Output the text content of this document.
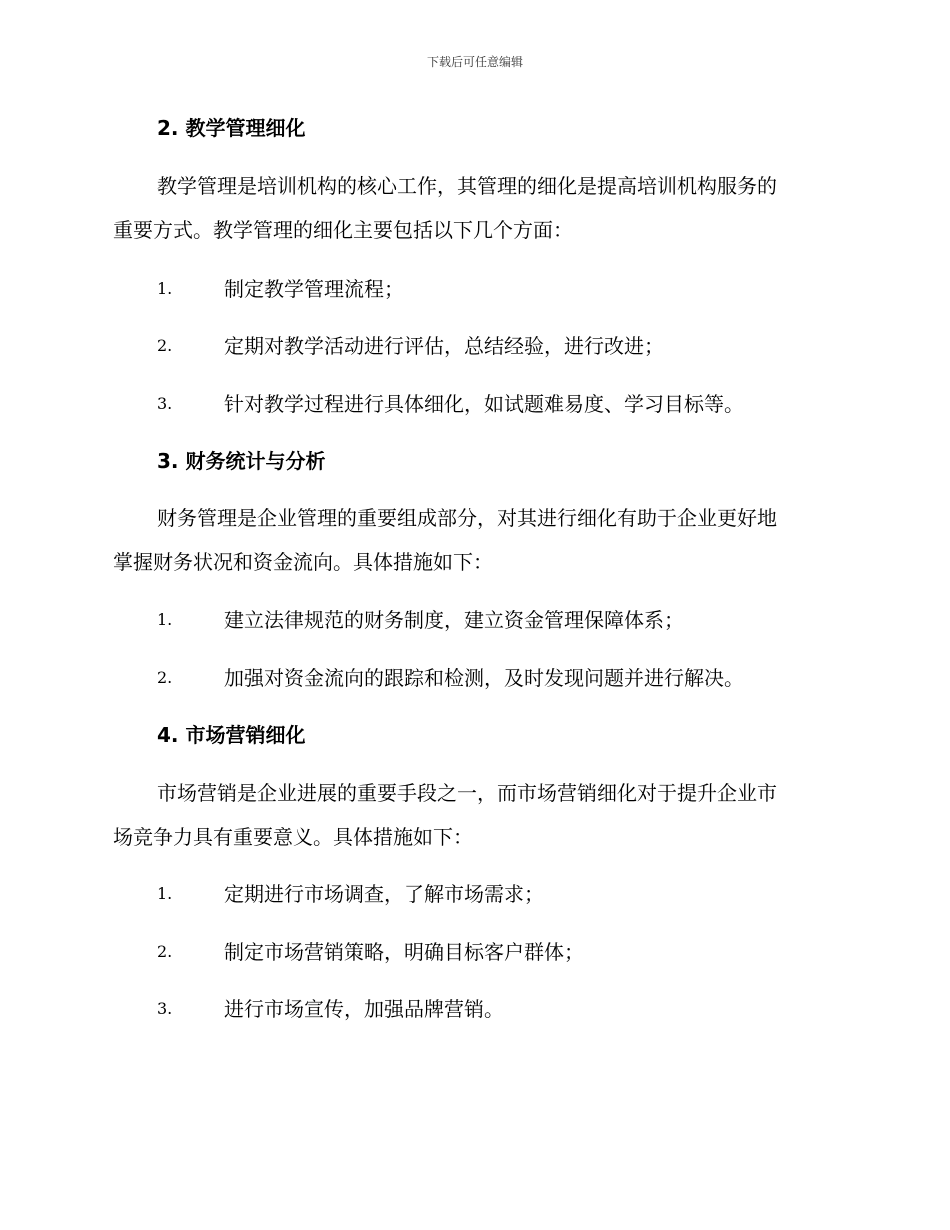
下载后可任意编辑
2. 教学管理细化
教学管理是培训机构的核心工作，其管理的细化是提高培训机构服务的
重要方式。教学管理的细化主要包括以下几个方面：
1.	制定教学管理流程；
2.	定期对教学活动进行评估，总结经验，进行改进；
3.	针对教学过程进行具体细化，如试题难易度、学习目标等。
3. 财务统计与分析
财务管理是企业管理的重要组成部分，对其进行细化有助于企业更好地
掌握财务状况和资金流向。具体措施如下：
1.	建立法律规范的财务制度，建立资金管理保障体系；
2.	加强对资金流向的跟踪和检测，及时发现问题并进行解决。
4. 市场营销细化
市场营销是企业进展的重要手段之一，而市场营销细化对于提升企业市
场竞争力具有重要意义。具体措施如下：
1.	定期进行市场调查，了解市场需求；
2.	制定市场营销策略，明确目标客户群体；
3.	进行市场宣传，加强品牌营销。
